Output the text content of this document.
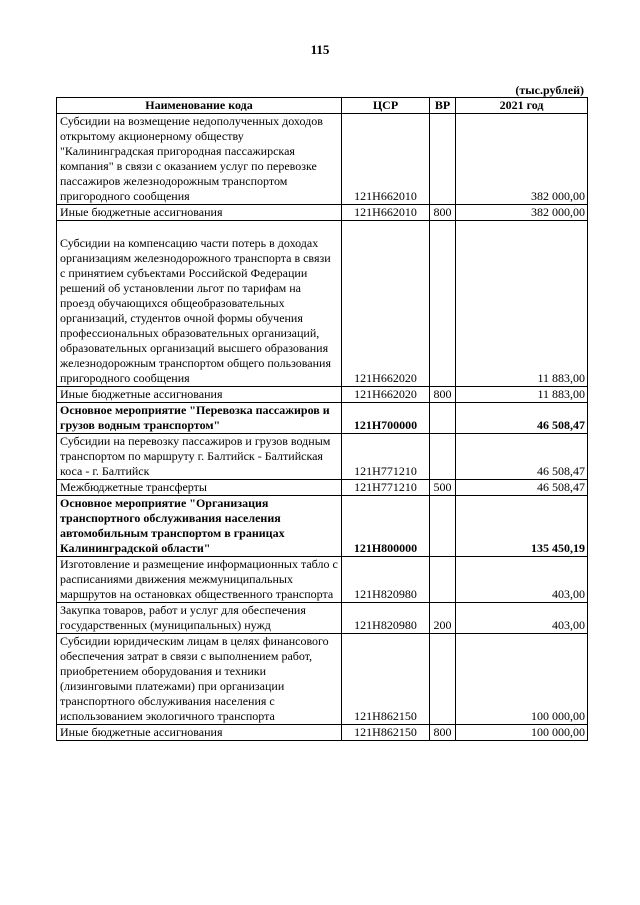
115
(тыс.рублей)
Наименование кода	ЦСР	ВР	2021 год
Субсидии на возмещение недополученных доходов открытому акционерному обществу "Калининградская пригородная пассажирская компания" в связи с оказанием услуг по перевозке пассажиров железнодорожным транспортом пригородного сообщения	121Н662010		382 000,00
Иные бюджетные ассигнования	121Н662010	800	382 000,00
Субсидии на компенсацию части потерь в доходах организациям железнодорожного транспорта в связи с принятием субъектами Российской Федерации решений об установлении льгот по тарифам на проезд обучающихся общеобразовательных организаций, студентов очной формы обучения профессиональных образовательных организаций, образовательных организаций высшего образования железнодорожным транспортом общего пользования пригородного сообщения	121Н662020		11 883,00
Иные бюджетные ассигнования	121Н662020	800	11 883,00
Основное мероприятие "Перевозка пассажиров и грузов водным транспортом"	121Н700000		46 508,47
Субсидии на перевозку пассажиров и грузов водным транспортом по маршруту г. Балтийск - Балтийская коса - г. Балтийск	121Н771210		46 508,47
Межбюджетные трансферты	121Н771210	500	46 508,47
Основное мероприятие "Организация транспортного обслуживания населения автомобильным транспортом в границах Калининградской области"	121Н800000		135 450,19
Изготовление и размещение информационных табло с расписаниями движения межмуниципальных маршрутов на остановках общественного транспорта	121Н820980		403,00
Закупка товаров, работ и услуг для обеспечения государственных (муниципальных) нужд	121Н820980	200	403,00
Субсидии юридическим лицам в целях финансового обеспечения затрат в связи с выполнением работ, приобретением оборудования и техники (лизинговыми платежами) при организации транспортного обслуживания населения с использованием экологичного транспорта	121Н862150		100 000,00
Иные бюджетные ассигнования	121Н862150	800	100 000,00
